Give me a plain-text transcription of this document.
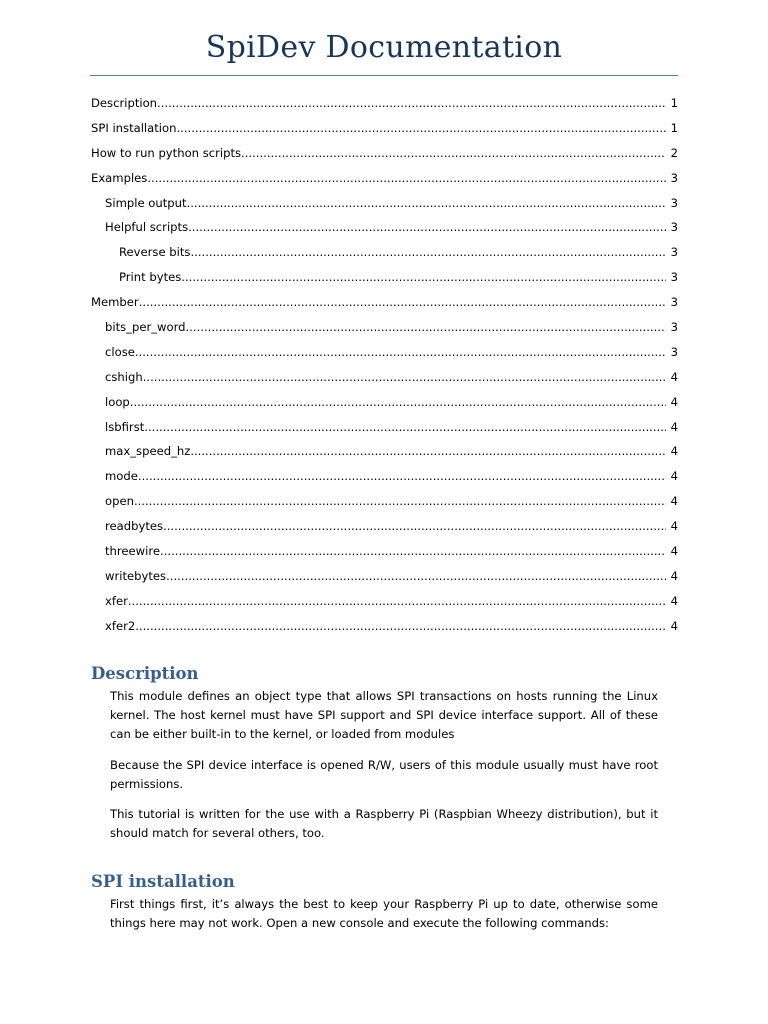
SpiDev Documentation
Description .....	1
SPI installation .....	1
How to run python scripts .....	2
Examples .....	3
Simple output .....	3
Helpful scripts .....	3
Reverse bits .....	3
Print bytes .....	3
Member .....	3
bits_per_word .....	3
close .....	3
cshigh .....	4
loop .....	4
lsbfirst .....	4
max_speed_hz .....	4
mode .....	4
open .....	4
readbytes .....	4
threewire .....	4
writebytes .....	4
xfer .....	4
xfer2 .....	4
Description

This module defines an object type that allows SPI transactions on hosts running the Linux kernel. The host kernel must have SPI support and SPI device interface support. All of these can be either built-in to the kernel, or loaded from modules

Because the SPI device interface is opened R/W, users of this module usually must have root permissions.

This tutorial is written for the use with a Raspberry Pi (Raspbian Wheezy distribution), but it should match for several others, too.

SPI installation

First things first, it’s always the best to keep your Raspberry Pi up to date, otherwise some things here may not work. Open a new console and execute the following commands:
